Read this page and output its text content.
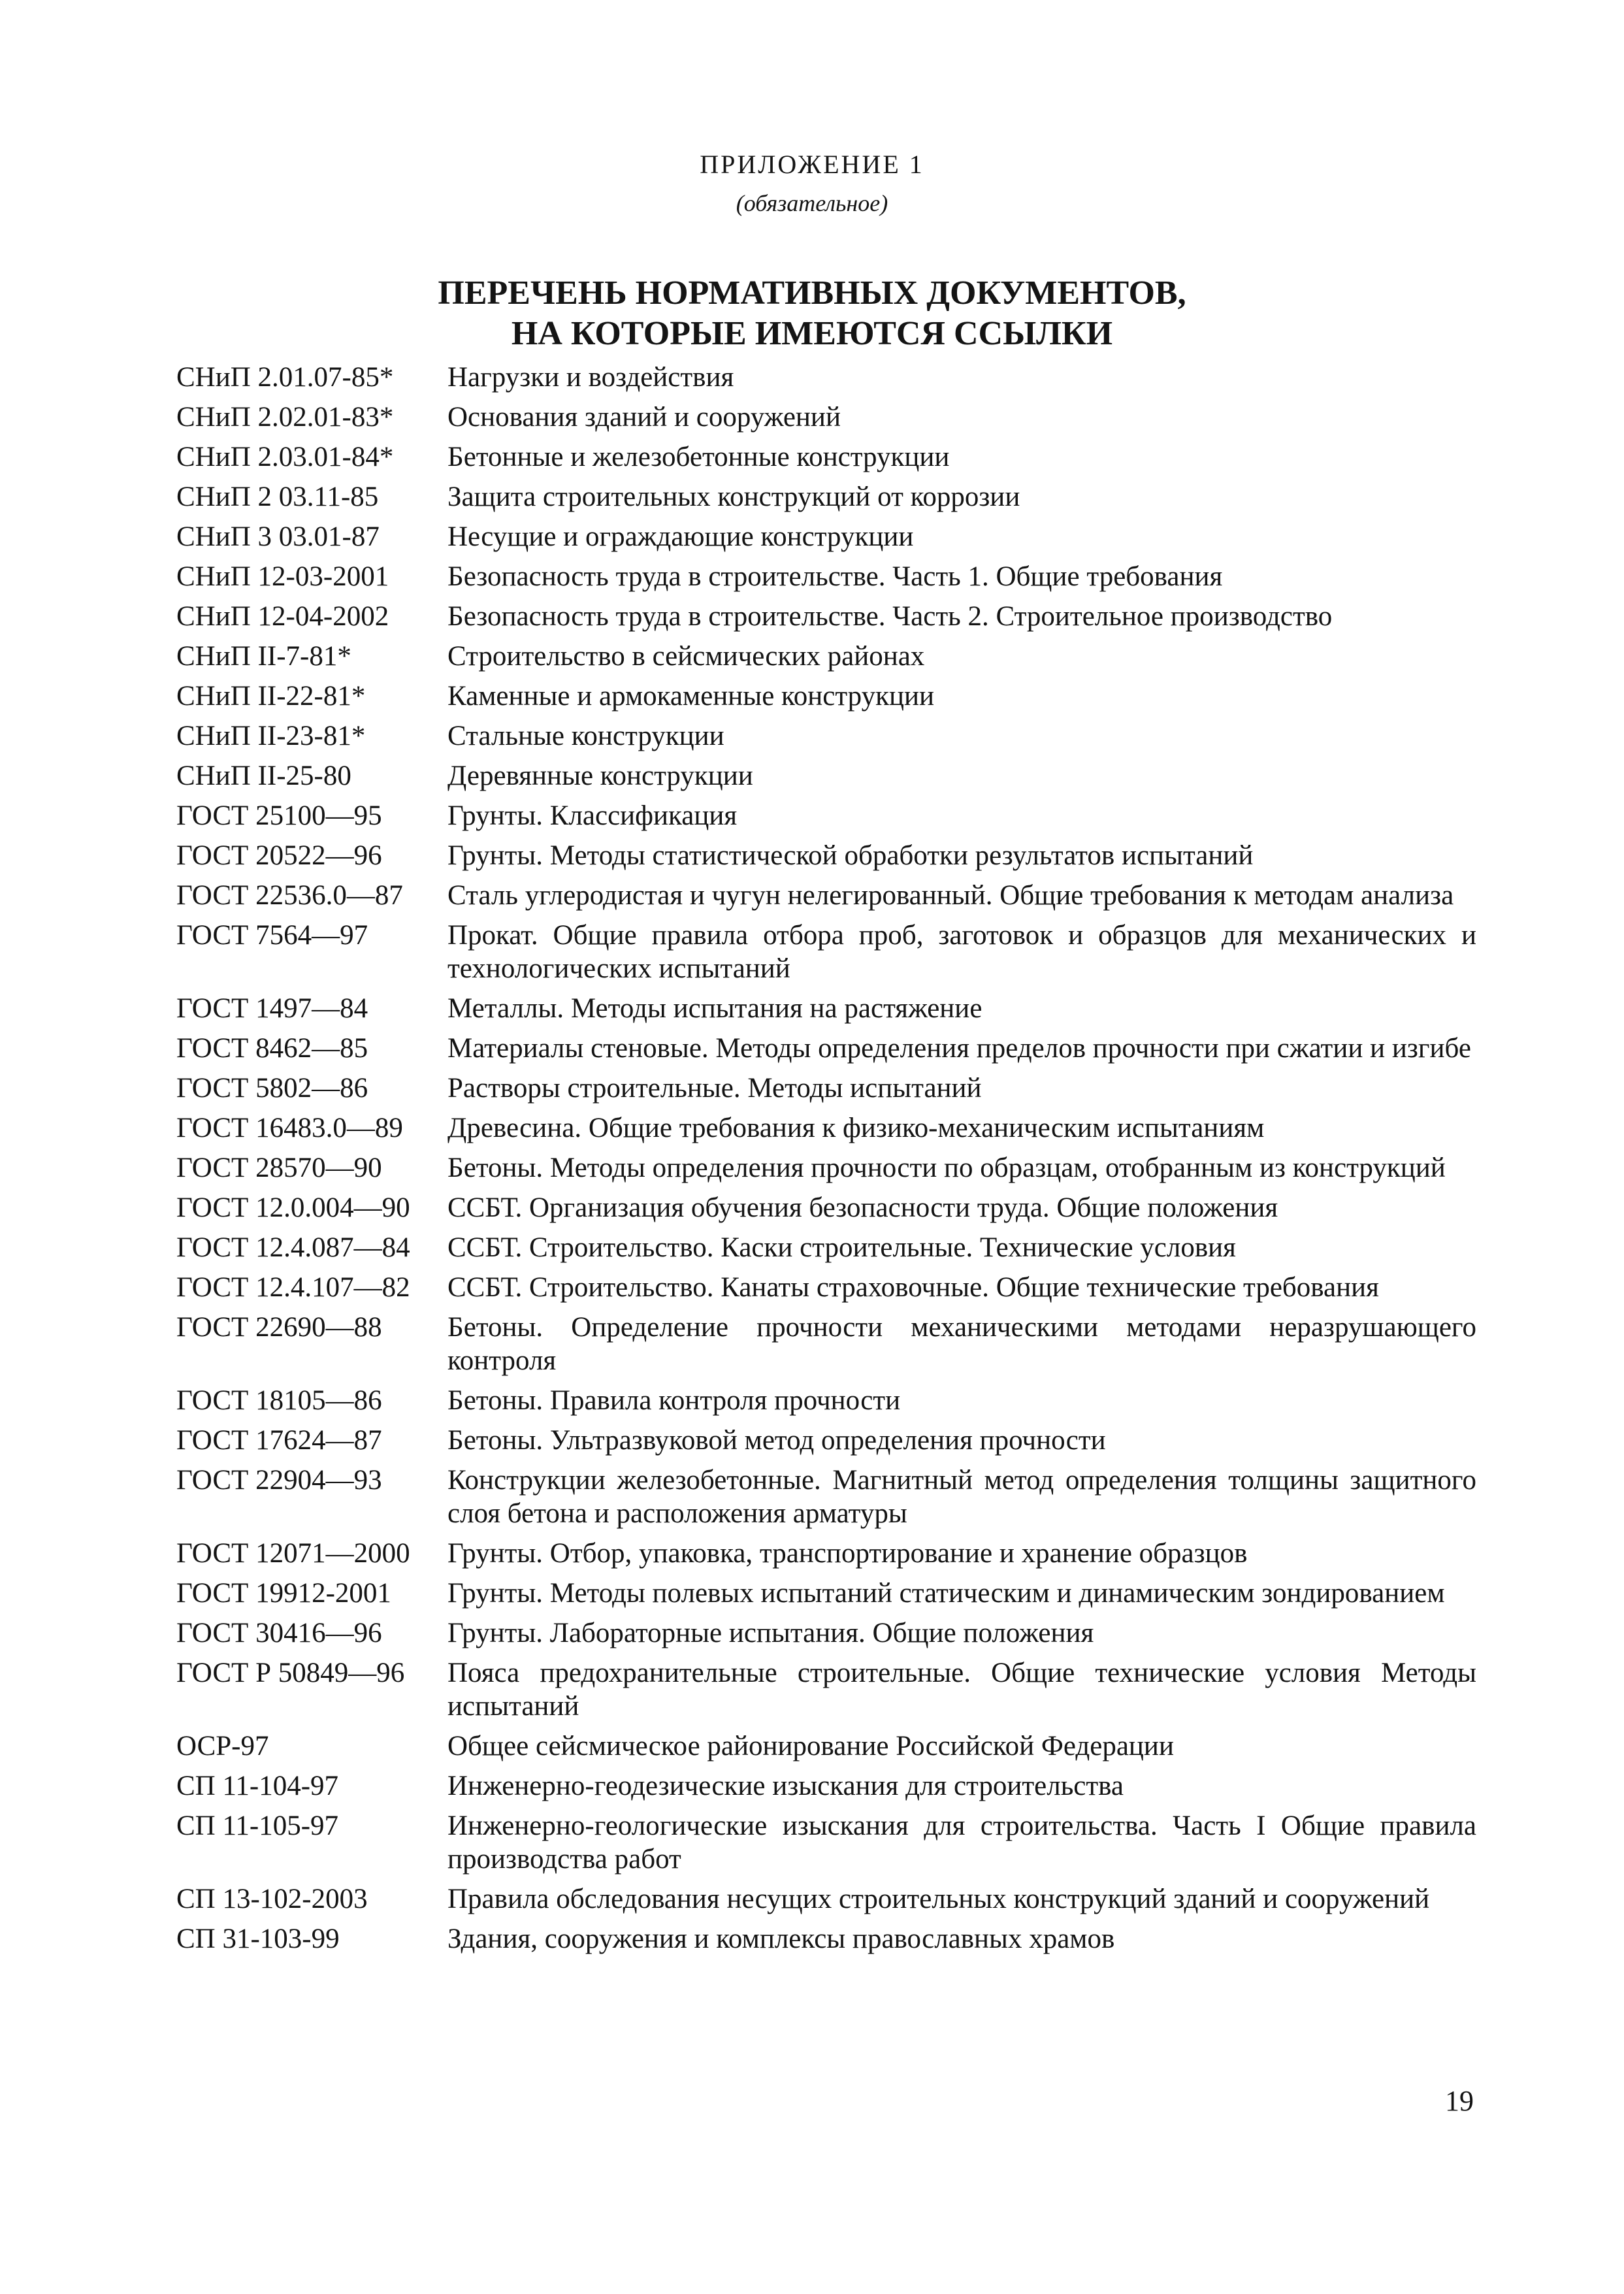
ПРИЛОЖЕНИЕ 1
(обязательное)
ПЕРЕЧЕНЬ НОРМАТИВНЫХ ДОКУМЕНТОВ,
НА КОТОРЫЕ ИМЕЮТСЯ ССЫЛКИ
СНиП 2.01.07-85*	Нагрузки и воздействия
СНиП 2.02.01-83*	Основания зданий и сооружений
СНиП 2.03.01-84*	Бетонные и железобетонные конструкции
СНиП 2 03.11-85	Защита строительных конструкций от коррозии
СНиП 3 03.01-87	Несущие и ограждающие конструкции
СНиП 12-03-2001	Безопасность труда в строительстве. Часть 1. Общие требования
СНиП 12-04-2002	Безопасность труда в строительстве. Часть 2. Строительное производство
СНиП II-7-81*	Строительство в сейсмических районах
СНиП II-22-81*	Каменные и армокаменные конструкции
СНиП II-23-81*	Стальные конструкции
СНиП II-25-80	Деревянные конструкции
ГОСТ 25100—95	Грунты. Классификация
ГОСТ 20522—96	Грунты. Методы статистической обработки результатов испытаний
ГОСТ 22536.0—87	Сталь углеродистая и чугун нелегированный. Общие требования к методам анализа
ГОСТ 7564—97	Прокат. Общие правила отбора проб, заготовок и образцов для механических и технологических испытаний
ГОСТ 1497—84	Металлы. Методы испытания на растяжение
ГОСТ 8462—85	Материалы стеновые. Методы определения пределов прочности при сжатии и изгибе
ГОСТ 5802—86	Растворы строительные. Методы испытаний
ГОСТ 16483.0—89	Древесина. Общие требования к физико-механическим испытаниям
ГОСТ 28570—90	Бетоны. Методы определения прочности по образцам, отобранным из конструкций
ГОСТ 12.0.004—90	ССБТ. Организация обучения безопасности труда. Общие положения
ГОСТ 12.4.087—84	ССБТ. Строительство. Каски строительные. Технические условия
ГОСТ 12.4.107—82	ССБТ. Строительство. Канаты страховочные. Общие технические требования
ГОСТ 22690—88	Бетоны. Определение прочности механическими методами неразрушающего контроля
ГОСТ 18105—86	Бетоны. Правила контроля прочности
ГОСТ 17624—87	Бетоны. Ультразвуковой метод определения прочности
ГОСТ 22904—93	Конструкции железобетонные. Магнитный метод определения толщины защитного слоя бетона и расположения арматуры
ГОСТ 12071—2000	Грунты. Отбор, упаковка, транспортирование и хранение образцов
ГОСТ 19912-2001	Грунты. Методы полевых испытаний статическим и динамическим зондированием
ГОСТ 30416—96	Грунты. Лабораторные испытания. Общие положения
ГОСТ Р 50849—96	Пояса предохранительные строительные. Общие технические условия Методы испытаний
ОСР-97	Общее сейсмическое районирование Российской Федерации
СП 11-104-97	Инженерно-геодезические изыскания для строительства
СП 11-105-97	Инженерно-геологические изыскания для строительства. Часть I Общие правила производства работ
СП 13-102-2003	Правила обследования несущих строительных конструкций зданий и сооружений
СП 31-103-99	Здания, сооружения и комплексы православных храмов
19
